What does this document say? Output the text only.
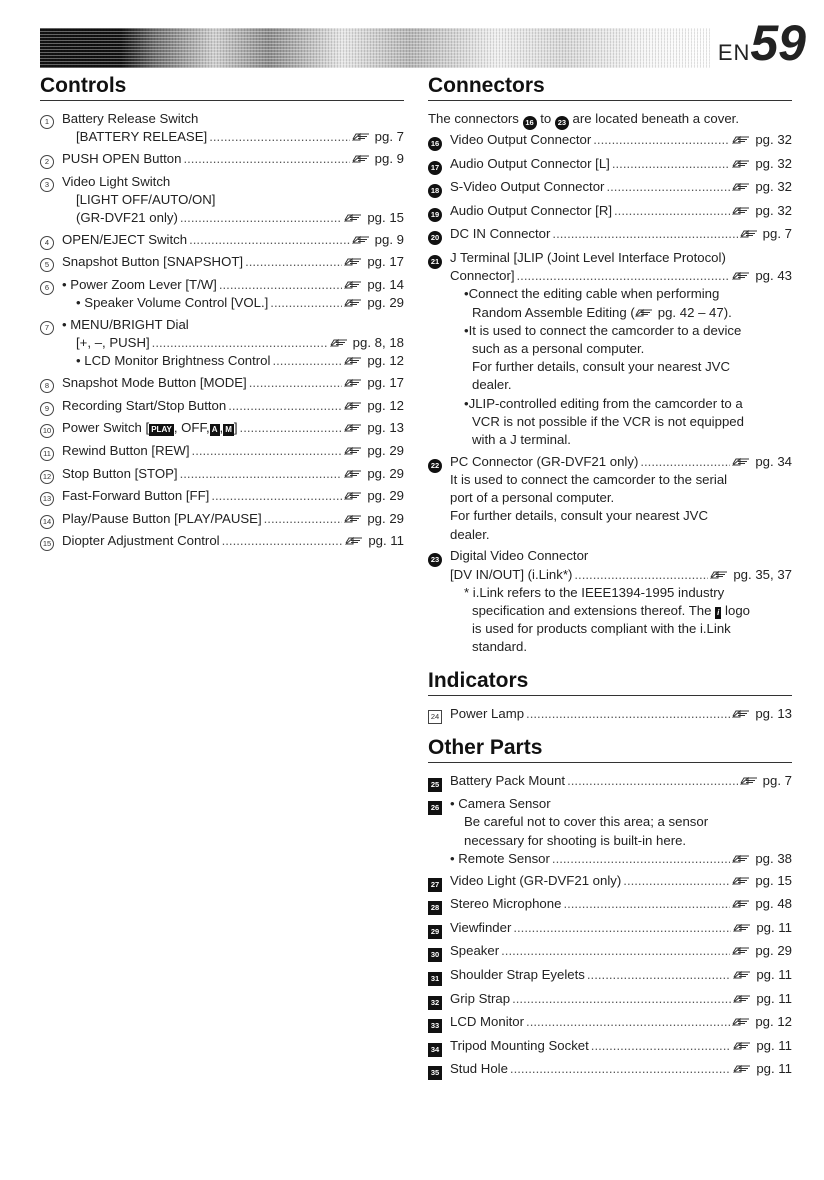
EN 59
Controls
1 Battery Release Switch
[BATTERY RELEASE] .....	pg. 7
2 PUSH OPEN Button .....	pg. 9
3 Video Light Switch
[LIGHT OFF/AUTO/ON]
(GR-DVF21 only) .....	pg. 15
4 OPEN/EJECT Switch .....	pg. 9
5 Snapshot Button [SNAPSHOT] .....	pg. 17
6 • Power Zoom Lever [T/W] .....	pg. 14
• Speaker Volume Control [VOL.] .....	pg. 29
7 • MENU/BRIGHT Dial
[+, –, PUSH] .....	pg. 8, 18
• LCD Monitor Brightness Control .....	pg. 12
8 Snapshot Mode Button [MODE] .....	pg. 17
9 Recording Start/Stop Button .....	pg. 12
10 Power Switch [ PLAY , OFF, A , M ] .....	pg. 13
11 Rewind Button [REW] .....	pg. 29
12 Stop Button [STOP] .....	pg. 29
13 Fast-Forward Button [FF] .....	pg. 29
14 Play/Pause Button [PLAY/PAUSE] .....	pg. 29
15 Diopter Adjustment Control .....	pg. 11
Connectors

The connectors 16 to 23 are located beneath a cover.

16 Video Output Connector .....	pg. 32
17 Audio Output Connector [L] .....	pg. 32
18 S-Video Output Connector .....	pg. 32
19 Audio Output Connector [R] .....	pg. 32
20 DC IN Connector .....	pg. 7
21 J Terminal [JLIP (Joint Level Interface Protocol)
Connector] .....	pg. 43
•Connect the editing cable when performing
Random Assemble Editing ( pg. 42 – 47).
•It is used to connect the camcorder to a device
such as a personal computer.
For further details, consult your nearest JVC
dealer.
•JLIP-controlled editing from the camcorder to a
VCR is not possible if the VCR is not equipped
with a J terminal.
22 PC Connector (GR-DVF21 only) .....	pg. 34
It is used to connect the camcorder to the serial
port of a personal computer.
For further details, consult your nearest JVC
dealer.
23 Digital Video Connector
[DV IN/OUT] (i.Link*) .....	pg. 35, 37
* i.Link refers to the IEEE1394-1995 industry
specification and extensions thereof. The i logo
is used for products compliant with the i.Link
standard.
Indicators
24 Power Lamp .....	pg. 13
Other Parts
25 Battery Pack Mount .....	pg. 7
26 • Camera Sensor
Be careful not to cover this area; a sensor
necessary for shooting is built-in here.
• Remote Sensor .....	pg. 38
27 Video Light (GR-DVF21 only) .....	pg. 15
28 Stereo Microphone .....	pg. 48
29 Viewfinder .....	pg. 11
30 Speaker .....	pg. 29
31 Shoulder Strap Eyelets .....	pg. 11
32 Grip Strap .....	pg. 11
33 LCD Monitor .....	pg. 12
34 Tripod Mounting Socket .....	pg. 11
35 Stud Hole .....	pg. 11
